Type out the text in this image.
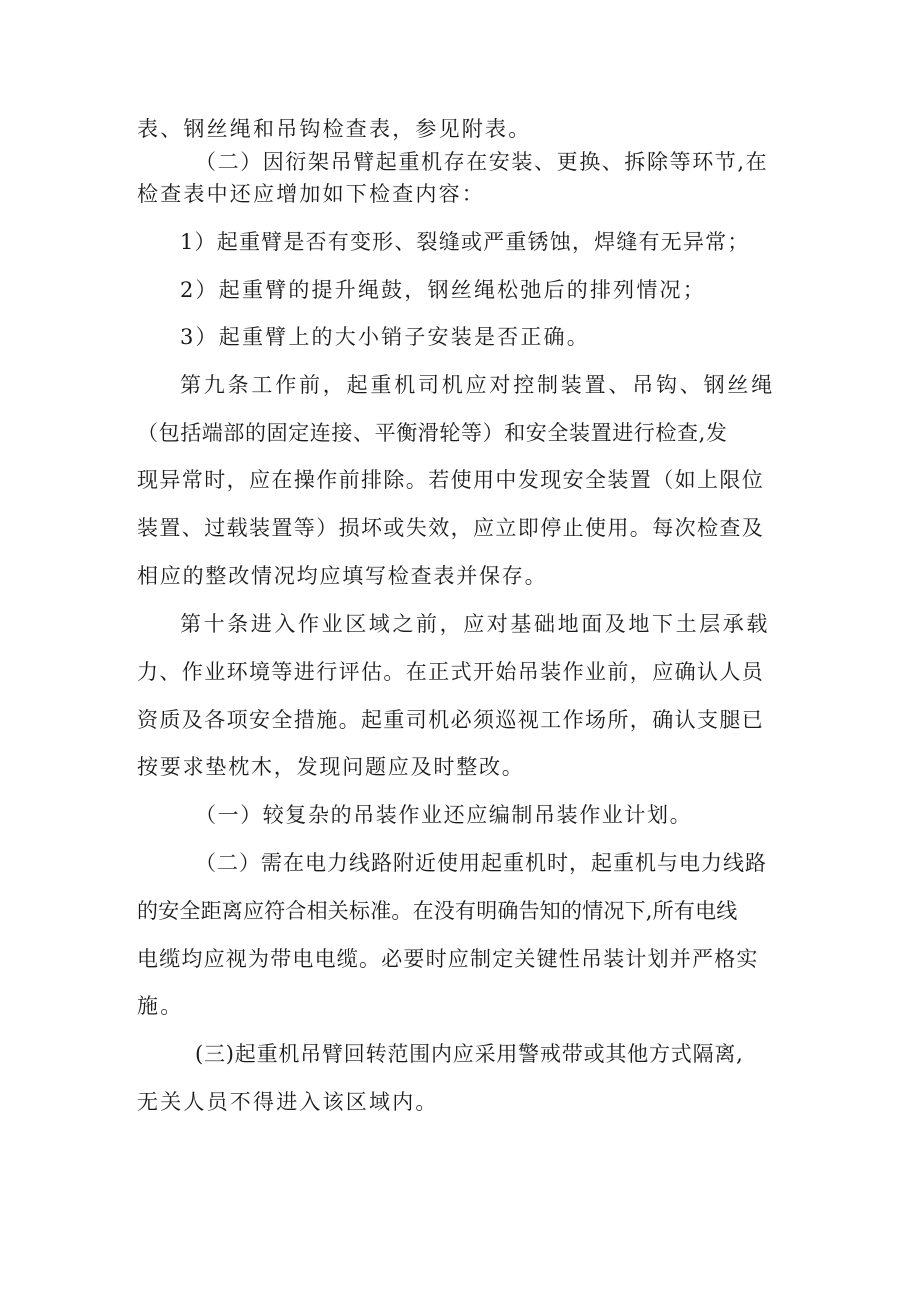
表、钢丝绳和吊钩检查表，参见附表。
（二）因衍架吊臂起重机存在安装、更换、拆除等环节,在
检查表中还应增加如下检查内容：
1）起重臂是否有变形、裂缝或严重锈蚀，焊缝有无异常；
2）起重臂的提升绳鼓，钢丝绳松弛后的排列情况；
3）起重臂上的大小销子安装是否正确。
第九条工作前，起重机司机应对控制装置、吊钩、钢丝绳
（包括端部的固定连接、平衡滑轮等）和安全装置进行检查,发
现异常时，应在操作前排除。若使用中发现安全装置（如上限位
装置、过载装置等）损坏或失效，应立即停止使用。每次检查及
相应的整改情况均应填写检查表并保存。
第十条进入作业区域之前，应对基础地面及地下土层承载
力、作业环境等进行评估。在正式开始吊装作业前，应确认人员
资质及各项安全措施。起重司机必须巡视工作场所，确认支腿已
按要求垫枕木，发现问题应及时整改。
（一）较复杂的吊装作业还应编制吊装作业计划。
（二）需在电力线路附近使用起重机时，起重机与电力线路
的安全距离应符合相关标准。在没有明确告知的情况下,所有电线
电缆均应视为带电电缆。必要时应制定关键性吊装计划并严格实
施。
(三)起重机吊臂回转范围内应采用警戒带或其他方式隔离,
无关人员不得进入该区域内。
